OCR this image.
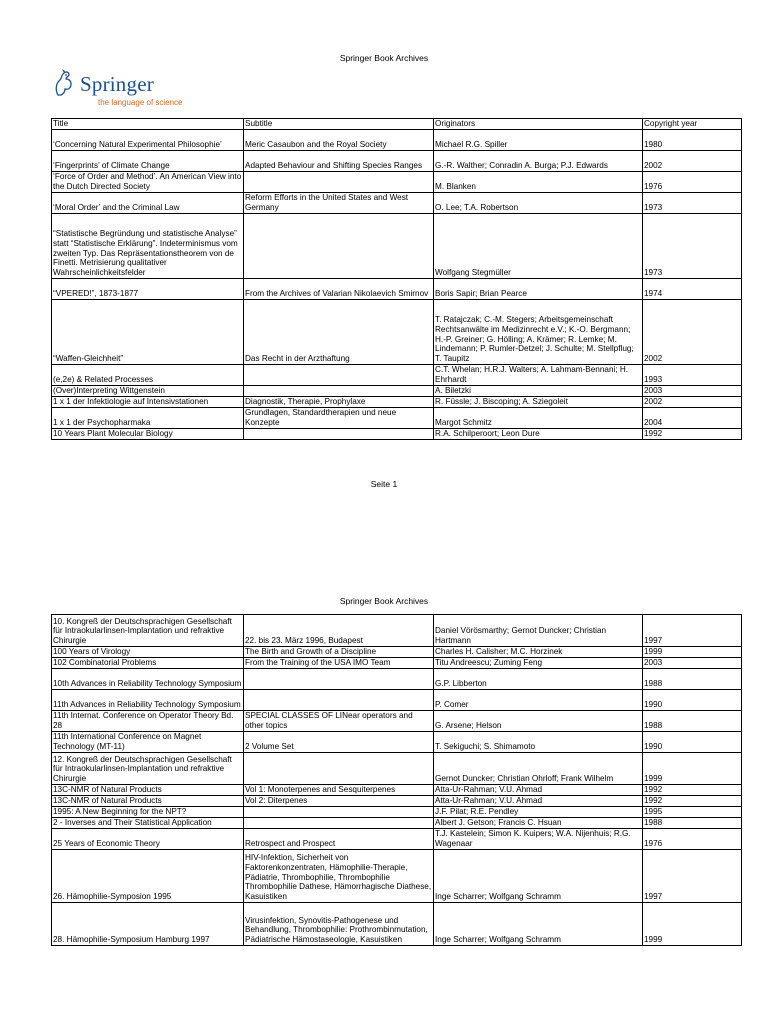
Springer Book Archives
Springer
the language of science
Title	Subtitle	Originators	Copyright year
‘Concerning Natural Experimental Philosophie’	Meric Casaubon and the Royal Society	Michael R.G. Spiller	1980
‘Fingerprints’ of Climate Change	Adapted Behaviour and Shifting Species Ranges	G.-R. Walther; Conradin A. Burga; P.J. Edwards	2002
‘Force of Order and Method’. An American View into the Dutch Directed Society		M. Blanken	1976
‘Moral Order’ and the Criminal Law	Reform Efforts in the United States and West Germany	O. Lee; T.A. Robertson	1973
“Statistische Begründung und statistische Analyse” statt “Statistische Erklärung”. Indeterminismus vom zweiten Typ. Das Repräsentationstheorem von de Finetti. Metrisierung qualitativer Wahrscheinlichkeitsfelder		Wolfgang Stegmüller	1973
“VPERED!”, 1873-1877	From the Archives of Valarian Nikolaevich Smirnov	Boris Sapir; Brian Pearce	1974
“Waffen-Gleichheit”	Das Recht in der Arzthaftung	T. Ratajczak; C.-M. Stegers; Arbeitsgemeinschaft Rechtsanwälte im Medizinrecht e.V.; K.-O. Bergmann; H.-P. Greiner; G. Hölling; A. Krämer; R. Lemke; M. Lindemann; P. Rumler-Detzel; J. Schulte; M. Stellpflug; T. Taupitz	2002
(e,2e) & Related Processes		C.T. Whelan; H.R.J. Walters; A. Lahmam-Bennani; H. Ehrhardt	1993
(Over)Interpreting Wittgenstein		A. Biletzki	2003
1 x 1 der Infektiologie auf Intensivstationen	Diagnostik, Therapie, Prophylaxe	R. Füssle; J. Biscoping; A. Sziegoleit	2002
1 x 1 der Psychopharmaka	Grundlagen, Standardtherapien und neue Konzepte	Margot Schmitz	2004
10 Years Plant Molecular Biology		R.A. Schilperoort; Leon Dure	1992
Seite 1
Springer Book Archives
10. Kongreß der Deutschsprachigen Gesellschaft für Intraokularlinsen-Implantation und refraktive Chirurgie	22. bis 23. März 1996, Budapest	Daniel Vörösmarthy; Gernot Duncker; Christian Hartmann	1997
100 Years of Virology	The Birth and Growth of a Discipline	Charles H. Calisher; M.C. Horzinek	1999
102 Combinatorial Problems	From the Training of the USA IMO Team	Titu Andreescu; Zuming Feng	2003
10th Advances in Reliability Technology Symposium		G.P. Libberton	1988
11th Advances in Reliability Technology Symposium		P. Comer	1990
11th Internat. Conference on Operator Theory Bd. 28	SPECIAL CLASSES OF LINear operators and other topics	G. Arsene; Helson	1988
11th International Conference on Magnet Technology (MT-11)	2 Volume Set	T. Sekiguchi; S. Shimamoto	1990
12. Kongreß der Deutschsprachigen Gesellschaft für Intraokularlinsen-Implantation und refraktive Chirurgie		Gernot Duncker; Christian Ohrloff; Frank Wilhelm	1999
13C-NMR of Natural Products	Vol 1: Monoterpenes and Sesquiterpenes	Atta-Ur-Rahman; V.U. Ahmad	1992
13C-NMR of Natural Products	Vol 2: Diterpenes	Atta-Ur-Rahman; V.U. Ahmad	1992
1995: A New Beginning for the NPT?		J.F. Pilat; R.E. Pendley	1995
2 - Inverses and Their Statistical Application		Albert J. Getson; Francis C. Hsuan	1988
25 Years of Economic Theory	Retrospect and Prospect	T.J. Kastelein; Simon K. Kuipers; W.A. Nijenhuis; R.G. Wagenaar	1976
26. Hämophilie-Symposion 1995	HIV-Infektion, Sicherheit von Faktorenkonzentraten, Hämophilie-Therapie, Pädiatrie, Thrombophilie, Thrombophilie Thrombophilie Dathese, Hämorrhagische Diathese, Kasuistiken	Inge Scharrer; Wolfgang Schramm	1997
28. Hämophilie-Symposium Hamburg 1997	Virusinfektion, Synovitis-Pathogenese und Behandlung, Thrombophilie: Prothrombinmutation, Pädiatrische Hämostaseologie, Kasuistiken	Inge Scharrer; Wolfgang Schramm	1999
